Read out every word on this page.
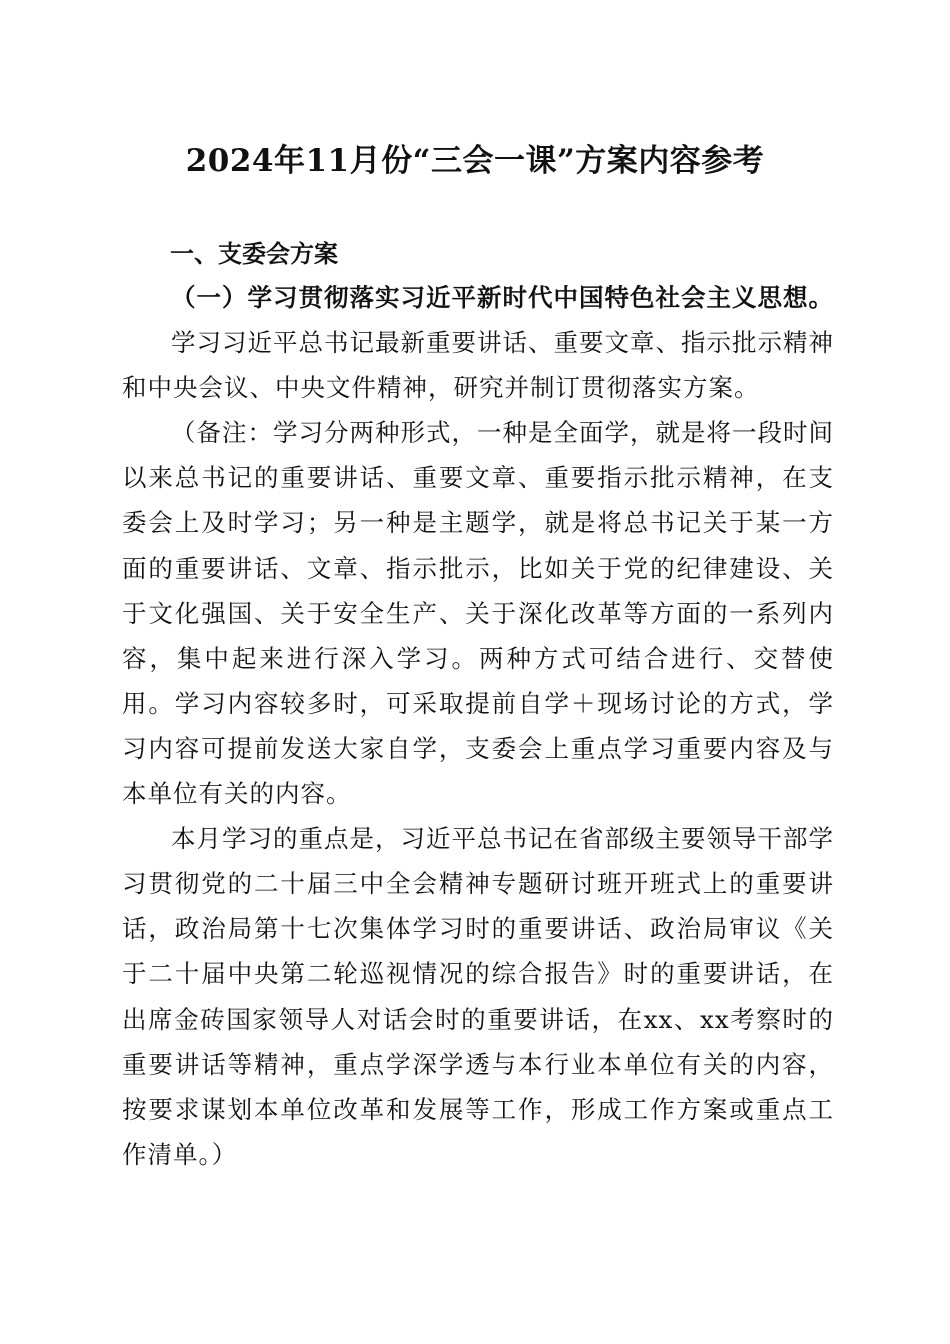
2024年11月份“三会一课”方案内容参考
一、支委会方案

（一）学习贯彻落实习近平新时代中国特色社会主义思想。

学习习近平总书记最新重要讲话、重要文章、指示批示精神和中央会议、中央文件精神，研究并制订贯彻落实方案。

（备注：学习分两种形式，一种是全面学，就是将一段时间以来总书记的重要讲话、重要文章、重要指示批示精神，在支委会上及时学习；另一种是主题学，就是将总书记关于某一方面的重要讲话、文章、指示批示，比如关于党的纪律建设、关于文化强国、关于安全生产、关于深化改革等方面的一系列内容，集中起来进行深入学习。两种方式可结合进行、交替使用。学习内容较多时，可采取提前自学＋现场讨论的方式，学习内容可提前发送大家自学，支委会上重点学习重要内容及与本单位有关的内容。

本月学习的重点是，习近平总书记在省部级主要领导干部学习贯彻党的二十届三中全会精神专题研讨班开班式上的重要讲话，政治局第十七次集体学习时的重要讲话、政治局审议《关于二十届中央第二轮巡视情况的综合报告》时的重要讲话，在出席金砖国家领导人对话会时的重要讲话，在xx、xx考察时的重要讲话等精神，重点学深学透与本行业本单位有关的内容，按要求谋划本单位改革和发展等工作，形成工作方案或重点工作清单。）
